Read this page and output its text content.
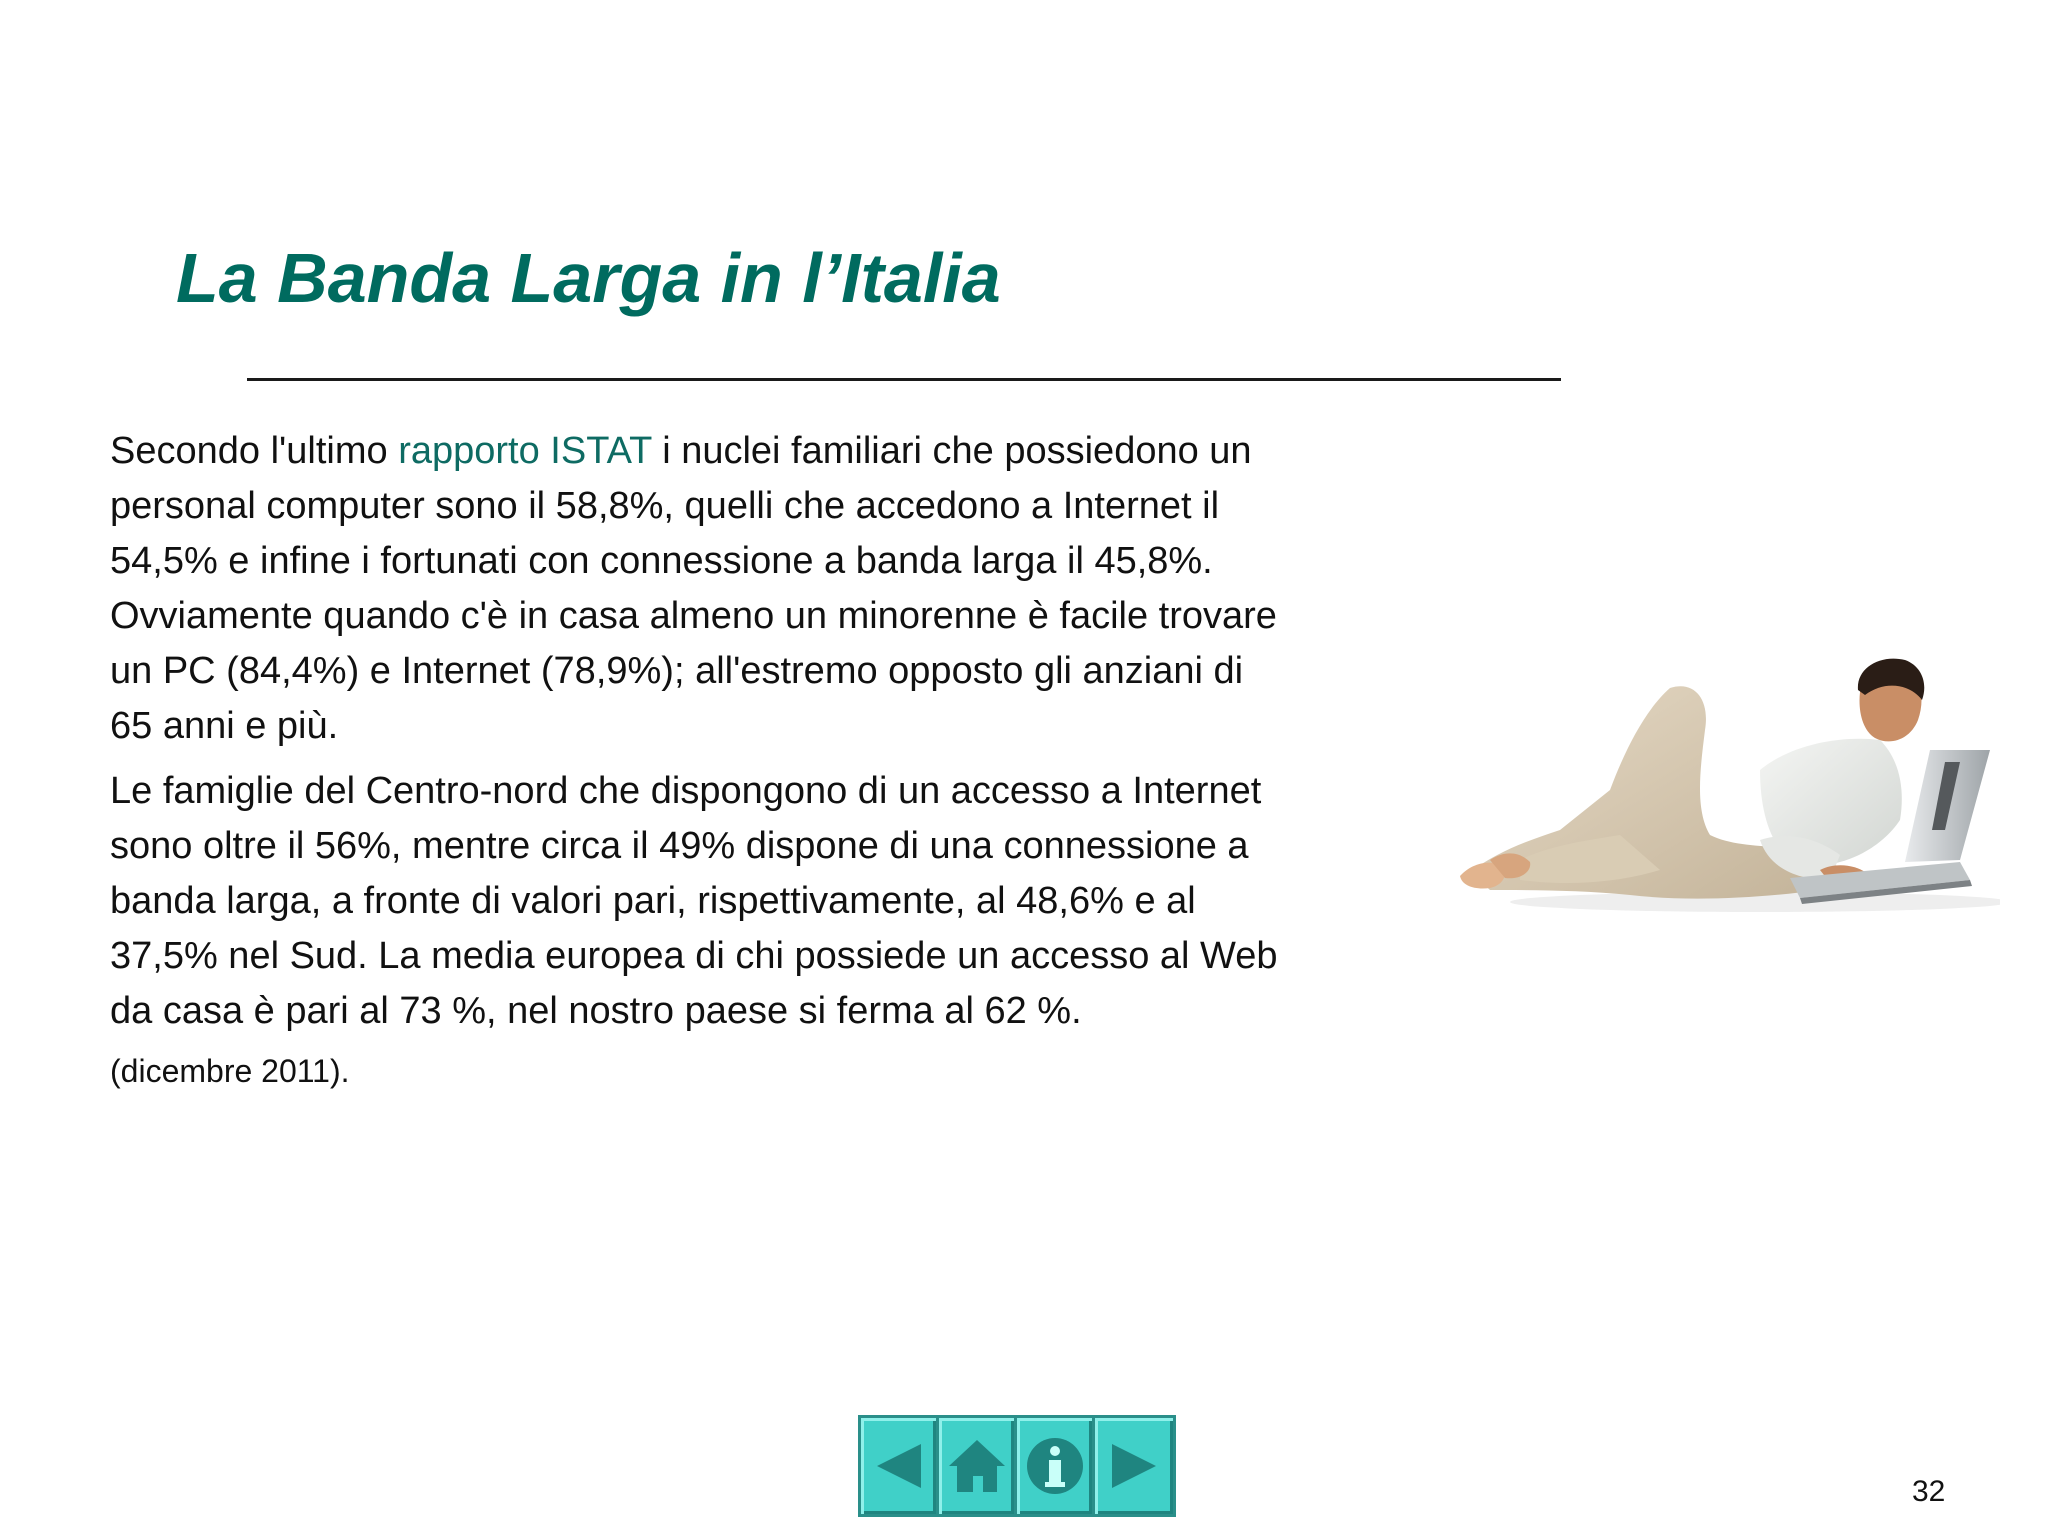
La Banda Larga in l’Italia

Secondo l'ultimo rapporto ISTAT i nuclei familiari che possiedono un personal computer sono il 58,8%, quelli che accedono a Internet il 54,5% e infine i fortunati con connessione a banda larga il 45,8%. Ovviamente quando c'è in casa almeno un minorenne è facile trovare un PC (84,4%) e Internet (78,9%); all'estremo opposto gli anziani di 65 anni e più.

Le famiglie del Centro-nord che dispongono di un accesso a Internet sono oltre il 56%, mentre circa il 49% dispone di una connessione a banda larga, a fronte di valori pari, rispettivamente, al 48,6% e al 37,5% nel Sud. La media europea di chi possiede un accesso al Web da casa è pari al 73 %, nel nostro paese si ferma al 62 %.

(dicembre 2011).

32
